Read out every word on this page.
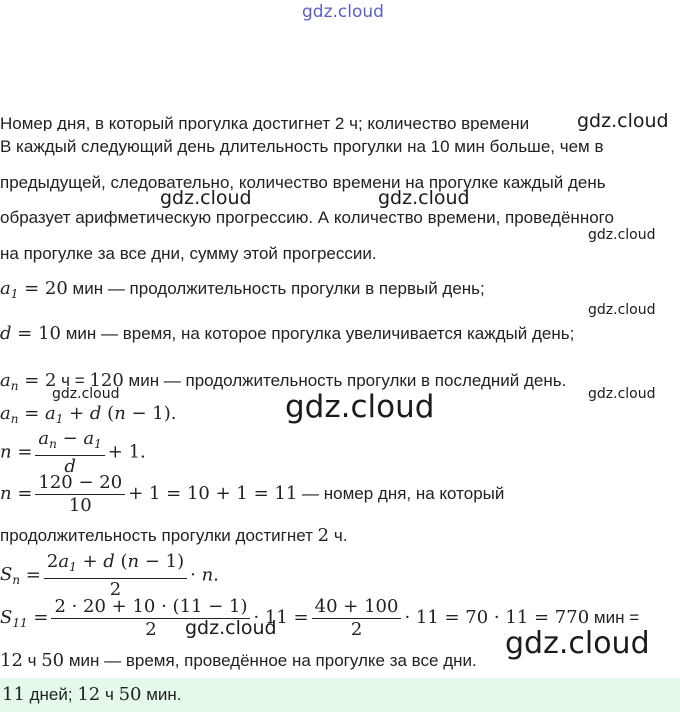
gdz.cloud
Номер дня, в который прогулка достигнет 2 ч; количество времени	gdz.cloud
В каждый следующий день длительность прогулки на 10 мин больше, чем в
предыдущей, следовательно, количество времени на прогулке каждый день
образует арифметическую прогрессию. А количество времени, проведённого
на прогулке за все дни, сумму этой прогрессии.
gdz.cloud	gdz.cloud
gdz.cloud
$a_1 = 20$ мин — продолжительность прогулки в первый день;
gdz.cloud
d = 10 мин — время, на которое прогулка увеличивается каждый день;
$a_n = 2$ ч = 120 мин — продолжительность прогулки в последний день.
gdz.cloud
$a_n = a_1 + d$ (n − 1).
gdz.cloud	gdz.cloud
$n = \frac{a_n - a_1}{d} + 1$.
$n = \frac{120 - 20}{10} + 1 = 10 + 1 = 11$ — номер дня, на который
продолжительность прогулки достигнет 2 ч.
$S_n = \frac{2a_1 + d (n - 1)}{2} \cdot n$.
$S_{11} = \frac{2 \cdot 20 + 10 \cdot (11 - 1)}{2} \cdot 11 = \frac{40 + 100}{2} \cdot 11 = 70 \cdot 11 = 770$ мин =
gdz.cloud	gdz.cloud
12 ч 50 мин — время, проведённое на прогулке за все дни.
11 дней; 12 ч 50 мин.
